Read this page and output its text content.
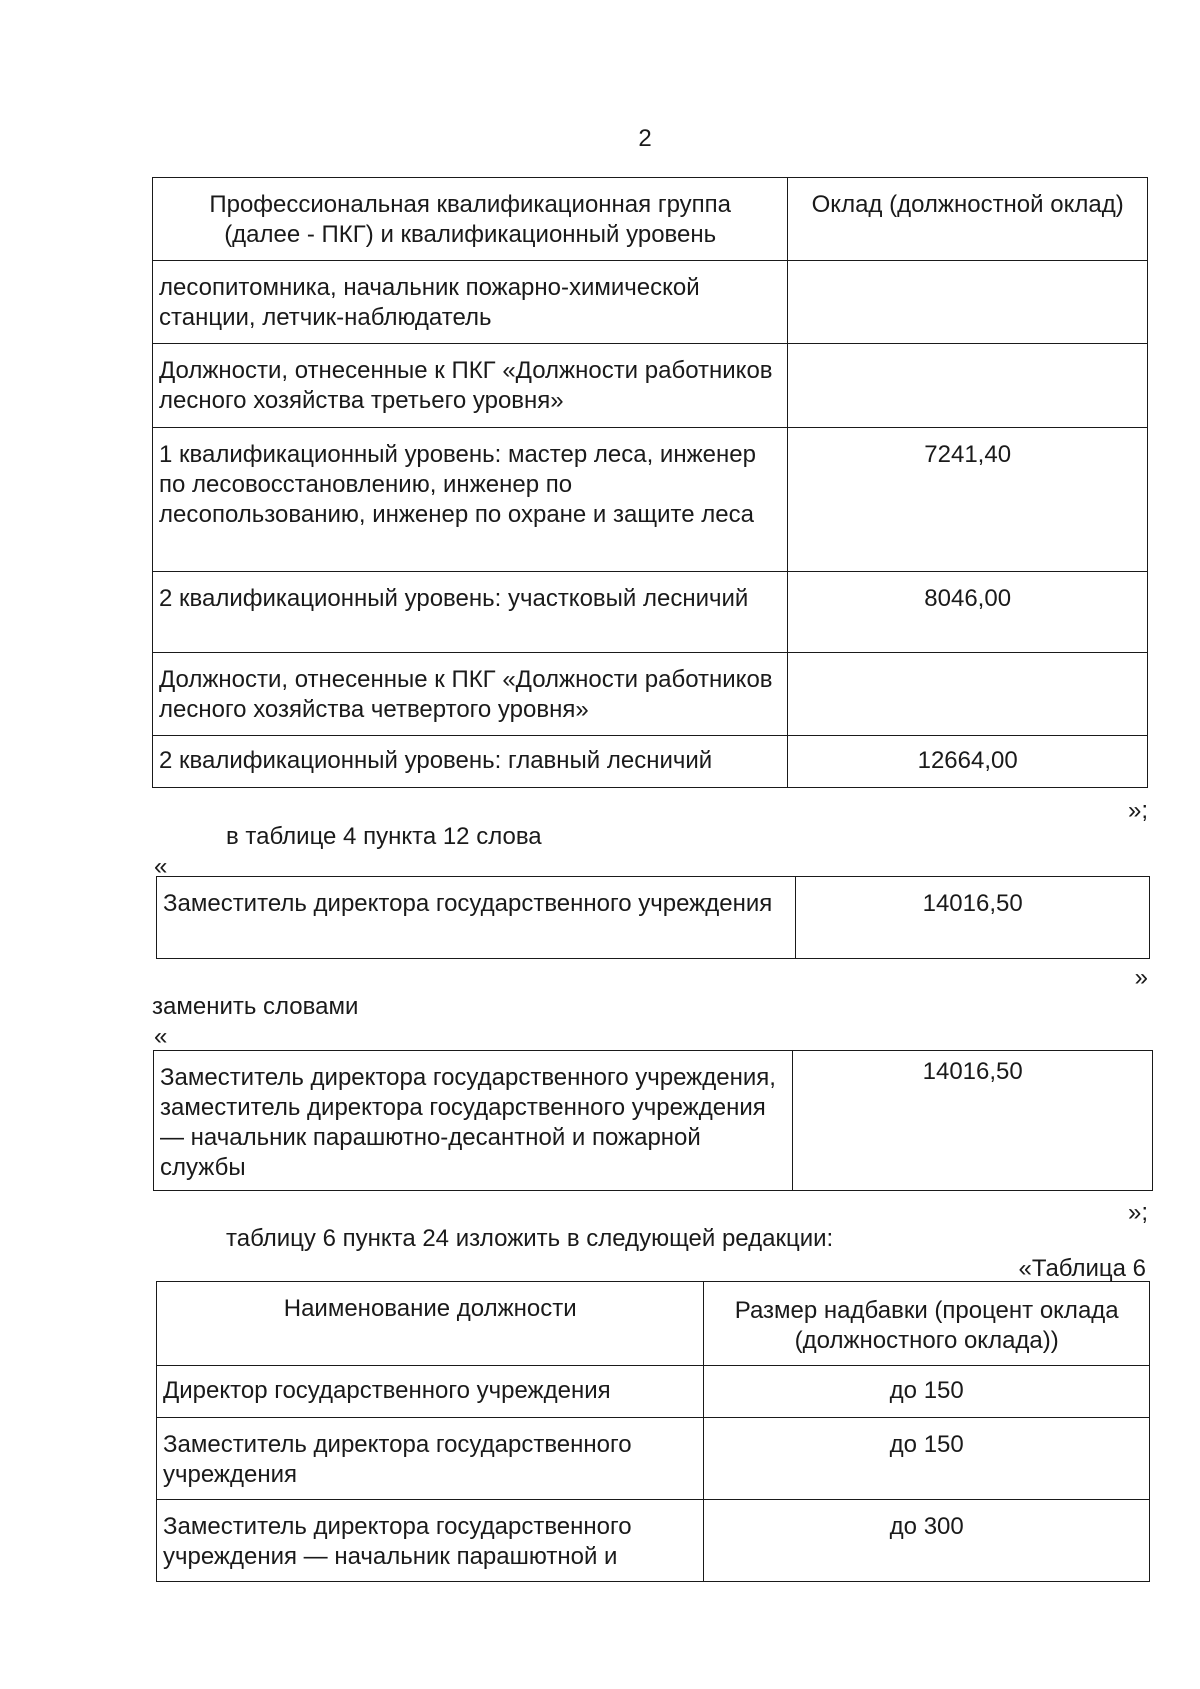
2
Профессиональная квалификационная группа (далее - ПКГ) и квалификационный уровень	Оклад (должностной оклад)
лесопитомника, начальник пожарно-химической станции, летчик-наблюдатель	
Должности, отнесенные к ПКГ «Должности работников лесного хозяйства третьего уровня»	
1 квалификационный уровень: мастер леса, инженер по лесовосстановлению, инженер по лесопользованию, инженер по охране и защите леса	7241,40
2 квалификационный уровень: участковый лесничий	8046,00
Должности, отнесенные к ПКГ «Должности работников лесного хозяйства четвертого уровня»	
2 квалификационный уровень: главный лесничий	12664,00
»;
в таблице 4 пункта 12 слова
«
Заместитель директора государственного учреждения	14016,50
»
заменить словами
«
Заместитель директора государственного учреждения, заместитель директора государственного учреждения — начальник парашютно-десантной и пожарной службы	14016,50
»;
таблицу 6 пункта 24 изложить в следующей редакции:
«Таблица 6
Наименование должности	Размер надбавки (процент оклада (должностного оклада))
Директор государственного учреждения	до 150
Заместитель директора государственного учреждения	до 150
Заместитель директора государственного учреждения — начальник парашютной и	до 300
